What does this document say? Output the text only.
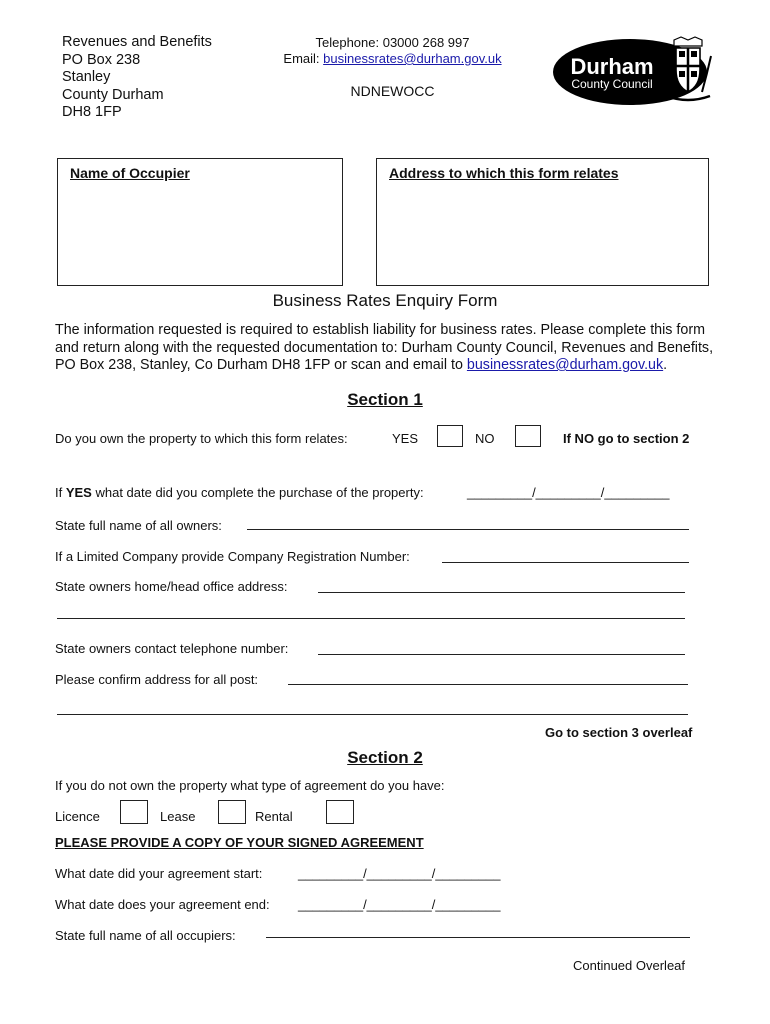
Revenues and Benefits
PO Box 238
Stanley
County Durham
DH8 1FP
Telephone: 03000 268 997
Email: businessrates@durham.gov.uk
NDNEWOCC
Durham
County Council
Name of Occupier	Address to which this form relates
Business Rates Enquiry Form
The information requested is required to establish liability for business rates. Please complete this form and return along with the requested documentation to: Durham County Council, Revenues and Benefits, PO Box 238, Stanley, Co Durham DH8 1FP or scan and email to businessrates@durham.gov.uk.
Section 1
Do you own the property to which this form relates:	YES	NO	If NO go to section 2
If YES what date did you complete the purchase of the property:	_________/_________/_________
State full name of all owners:
If a Limited Company provide Company Registration Number:
State owners home/head office address:
State owners contact telephone number:
Please confirm address for all post:
Go to section 3 overleaf
Section 2
If you do not own the property what type of agreement do you have:
Licence	Lease	Rental
PLEASE PROVIDE A COPY OF YOUR SIGNED AGREEMENT
What date did your agreement start:	_________/_________/_________
What date does your agreement end: _________/_________/_________
State full name of all occupiers:
Continued Overleaf
